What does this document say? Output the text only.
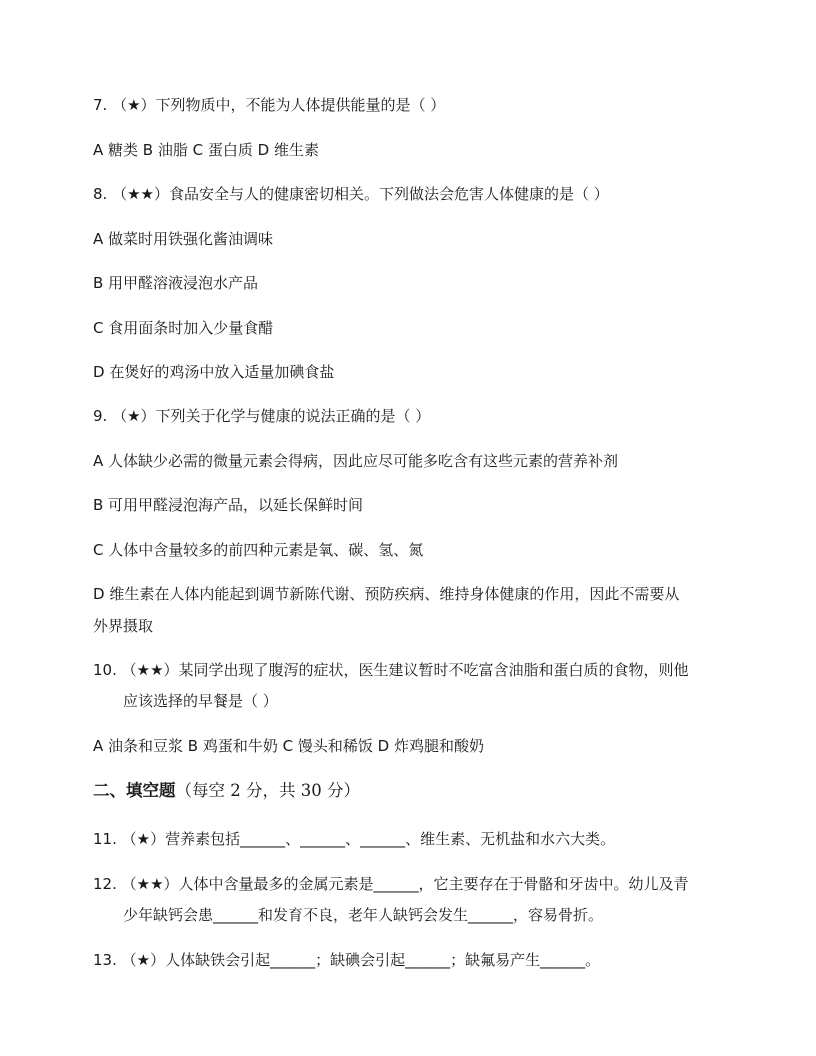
7. （★）下列物质中，不能为人体提供能量的是（ ）
A 糖类 B 油脂 C 蛋白质 D 维生素
8. （★★）食品安全与人的健康密切相关。下列做法会危害人体健康的是（ ）
A 做菜时用铁强化酱油调味
B 用甲醛溶液浸泡水产品
C 食用面条时加入少量食醋
D 在煲好的鸡汤中放入适量加碘食盐
9. （★）下列关于化学与健康的说法正确的是（ ）
A 人体缺少必需的微量元素会得病，因此应尽可能多吃含有这些元素的营养补剂
B 可用甲醛浸泡海产品，以延长保鲜时间
C 人体中含量较多的前四种元素是氧、碳、氢、氮
D 维生素在人体内能起到调节新陈代谢、预防疾病、维持身体健康的作用，因此不需要从
外界摄取
10. （★★）某同学出现了腹泻的症状，医生建议暂时不吃富含油脂和蛋白质的食物，则他
应该选择的早餐是（ ）
A 油条和豆浆 B 鸡蛋和牛奶 C 馒头和稀饭 D 炸鸡腿和酸奶
二、填空题（每空 2 分，共 30 分）
11. （★）营养素包括______、______、______、维生素、无机盐和水六大类。
12. （★★）人体中含量最多的金属元素是______，它主要存在于骨骼和牙齿中。幼儿及青
少年缺钙会患______和发育不良，老年人缺钙会发生______，容易骨折。
13. （★）人体缺铁会引起______；缺碘会引起______；缺氟易产生______。
